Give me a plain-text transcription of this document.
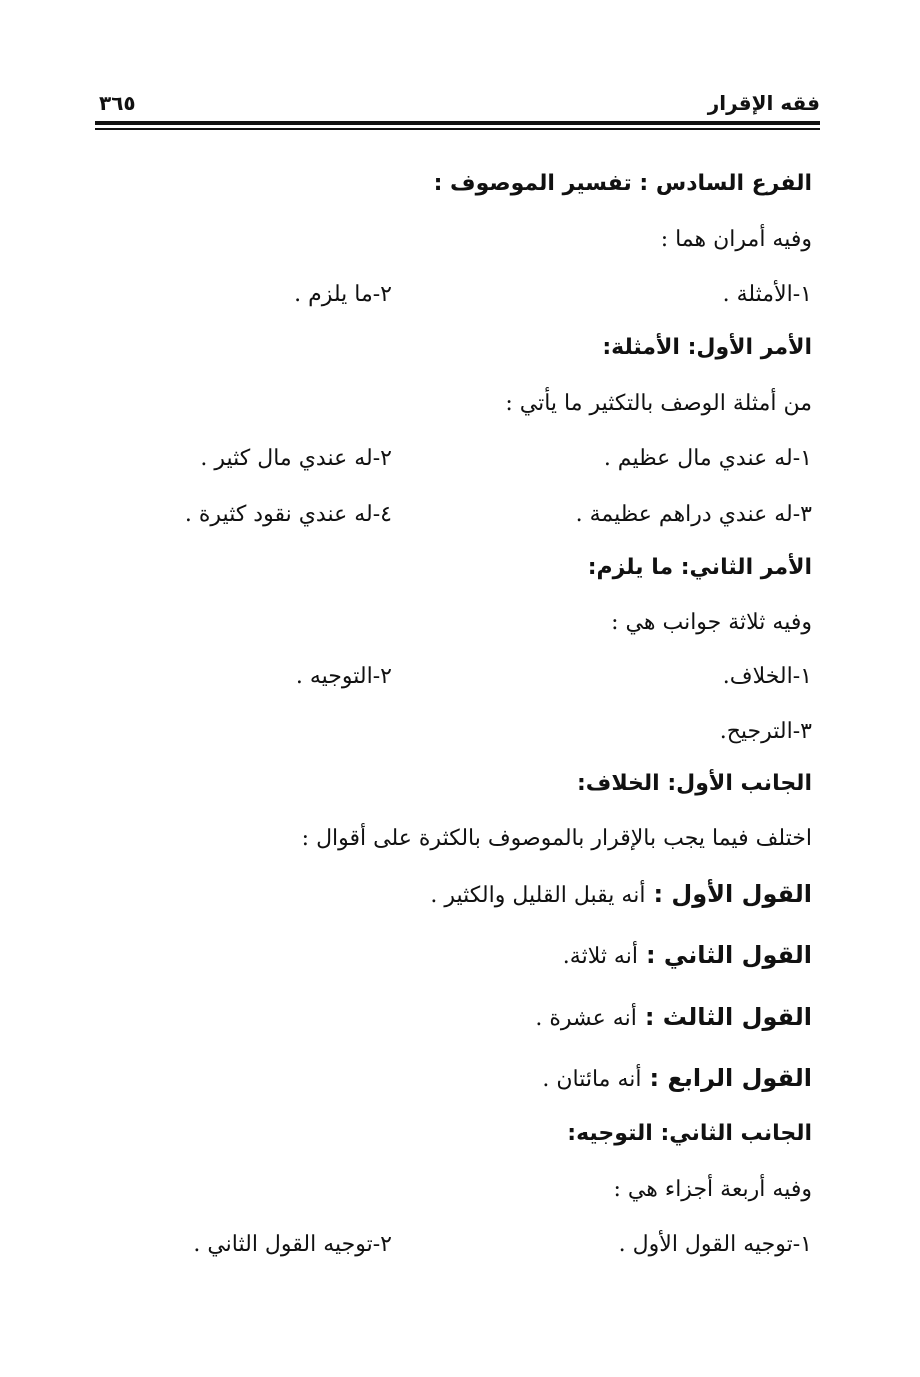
فقه الإقرار
٣٦٥
الفرع السادس : تفسير الموصوف :
وفيه أمران هما :
١-الأمثلة .
٢-ما يلزم .
الأمر الأول: الأمثلة:
من أمثلة الوصف بالتكثير ما يأتي :
١-له عندي مال عظيم .
٢-له عندي مال كثير .
٣-له عندي دراهم عظيمة .
٤-له عندي نقود كثيرة .
الأمر الثاني: ما يلزم:
وفيه ثلاثة جوانب هي :
١-الخلاف.
٢-التوجيه .
٣-الترجيح.
الجانب الأول: الخلاف:
اختلف فيما يجب بالإقرار بالموصوف بالكثرة على أقوال :
القول الأول :أنه يقبل القليل والكثير .
القول الثاني :أنه ثلاثة.
القول الثالث :أنه عشرة .
القول الرابع :أنه مائتان .
الجانب الثاني: التوجيه:
وفيه أربعة أجزاء هي :
١-توجيه القول الأول .
٢-توجيه القول الثاني .
